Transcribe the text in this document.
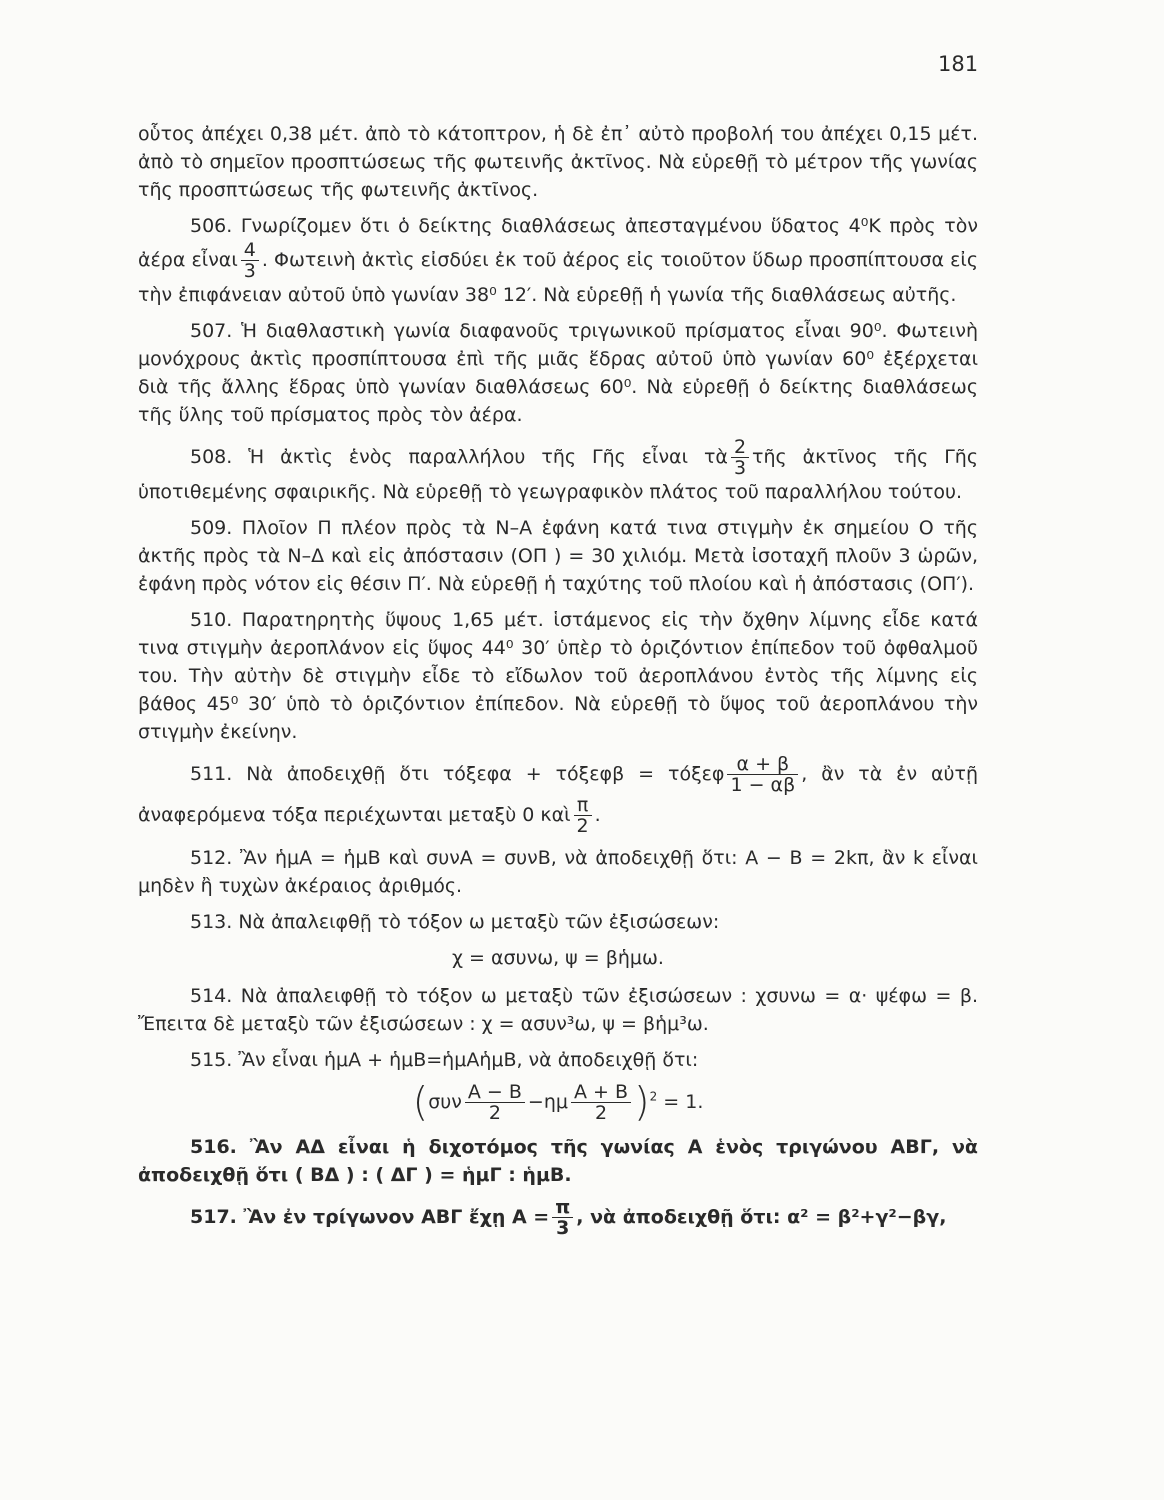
181

οὗτος ἀπέχει 0,38 μέτ. ἀπὸ τὸ κάτοπτρον, ἡ δὲ ἐπ᾿ αὐτὸ προβολή του ἀπέχει 0,15 μέτ. ἀπὸ τὸ σημεῖον προσπτώσεως τῆς φωτεινῆς ἀκτῖνος. Νὰ εὑρεθῇ τὸ μέτρον τῆς γωνίας τῆς προσπτώσεως τῆς φωτεινῆς ἀκτῖνος.

506. Γνωρίζομεν ὅτι ὁ δείκτης διαθλάσεως ἀπεσταγμένου ὕδατος 4⁰Κ πρὸς τὸν ἀέρα εἶναι $\frac{4}{3}$ . Φωτεινὴ ἀκτὶς εἰσδύει ἐκ τοῦ ἀέρος εἰς τοιοῦτον ὕδωρ προσπίπτουσα εἰς τὴν ἐπιφάνειαν αὐτοῦ ὑπὸ γωνίαν 38⁰ 12′. Νὰ εὑρεθῇ ἡ γωνία τῆς διαθλάσεως αὐτῆς.

507. Ἡ διαθλαστικὴ γωνία διαφανοῦς τριγωνικοῦ πρίσματος εἶναι 90⁰. Φωτεινὴ μονόχρους ἀκτὶς προσπίπτουσα ἐπὶ τῆς μιᾶς ἕδρας αὐτοῦ ὑπὸ γωνίαν 60⁰ ἐξέρχεται διὰ τῆς ἄλλης ἕδρας ὑπὸ γωνίαν διαθλάσεως 60⁰. Νὰ εὑρεθῇ ὁ δείκτης διαθλάσεως τῆς ὕλης τοῦ πρίσματος πρὸς τὸν ἀέρα.

508. Ἡ ἀκτὶς ἑνὸς παραλλήλου τῆς Γῆς εἶναι τὰ $\frac{2}{3}$ τῆς ἀκτῖνος τῆς Γῆς ὑποτιθεμένης σφαιρικῆς. Νὰ εὑρεθῇ τὸ γεωγραφικὸν πλάτος τοῦ παραλλήλου τούτου.

509. Πλοῖον Π πλέον πρὸς τὰ Ν–Α ἐφάνη κατά τινα στιγμὴν ἐκ σημείου Ο τῆς ἀκτῆς πρὸς τὰ Ν–Δ καὶ εἰς ἀπόστασιν (ΟΠ ) = 30 χιλιόμ. Μετὰ ἰσοταχῆ πλοῦν 3 ὡρῶν, ἐφάνη πρὸς νότον εἰς θέσιν Π′. Νὰ εὑρεθῇ ἡ ταχύτης τοῦ πλοίου καὶ ἡ ἀπόστασις (ΟΠ′).

510. Παρατηρητὴς ὕψους 1,65 μέτ. ἱστάμενος εἰς τὴν ὄχθην λίμνης εἶδε κατά τινα στιγμὴν ἀεροπλάνον εἰς ὕψος 44⁰ 30′ ὑπὲρ τὸ ὁριζόντιον ἐπίπεδον τοῦ ὀφθαλμοῦ του. Τὴν αὐτὴν δὲ στιγμὴν εἶδε τὸ εἴδωλον τοῦ ἀεροπλάνου ἐντὸς τῆς λίμνης εἰς βάθος 45⁰ 30′ ὑπὸ τὸ ὁριζόντιον ἐπίπεδον. Νὰ εὑρεθῇ τὸ ὕψος τοῦ ἀεροπλάνου τὴν στιγμὴν ἐκείνην.

511. Νὰ ἀποδειχθῇ ὅτι τόξεφα + τόξεφβ = τόξεφ $\frac{\alpha + \beta}{1 - \alpha\beta}$ , ἂν τὰ ἐν αὐτῇ ἀναφερόμενα τόξα περιέχωνται μεταξὺ 0 καὶ $\frac{\pi}{2}$ .

512. Ἂν ἡμΑ = ἡμΒ καὶ συνΑ = συνΒ, νὰ ἀποδειχθῇ ὅτι: Α − Β = 2kπ, ἂν k εἶναι μηδὲν ἢ τυχὼν ἀκέραιος ἀριθμός.

513. Νὰ ἀπαλειφθῇ τὸ τόξον ω μεταξὺ τῶν ἐξισώσεων:

χ = ασυνω, ψ = βἡμω.

514. Νὰ ἀπαλειφθῇ τὸ τόξον ω μεταξὺ τῶν ἐξισώσεων : χσυνω = α· ψέφω = β. Ἔπειτα δὲ μεταξὺ τῶν ἐξισώσεων : χ = ασυν³ω, ψ = βἡμ³ω.

515. Ἂν εἶναι ἡμΑ + ἡμΒ=ἡμΑἡμΒ, νὰ ἀποδειχθῇ ὅτι:

$(\sigma\upsilon\nu \frac{A - B}{2} -\eta\mu \frac{A + B}{2} )^2 = 1$.

516. Ἂν ΑΔ εἶναι ἡ διχοτόμος τῆς γωνίας Α ἑνὸς τριγώνου ΑΒΓ, νὰ ἀποδειχθῇ ὅτι ( ΒΔ ) : ( ΔΓ ) = ἡμΓ : ἡμΒ.

517. Ἂν ἐν τρίγωνον ΑΒΓ ἔχῃ $A = \frac{\pi}{3}$ , νὰ ἀποδειχθῇ ὅτι: α² = β²+γ²−βγ,
